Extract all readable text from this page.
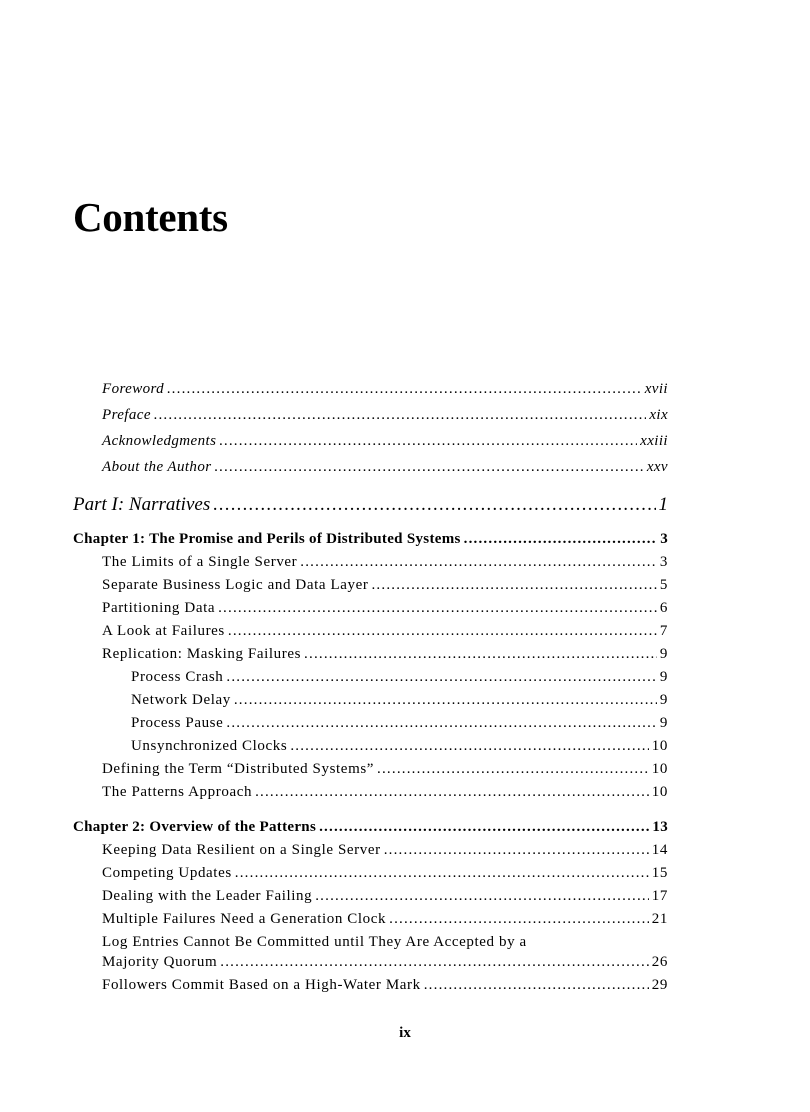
Contents
Foreword .....	xvii
Preface .....	xix
Acknowledgments .....	xxiii
About the Author .....	xxv
Part I: Narratives .....	1
Chapter 1: The Promise and Perils of Distributed Systems .....	3
The Limits of a Single Server .....	3
Separate Business Logic and Data Layer .....	5
Partitioning Data .....	6
A Look at Failures .....	7
Replication: Masking Failures .....	9
Process Crash .....	9
Network Delay .....	9
Process Pause .....	9
Unsynchronized Clocks .....	10
Defining the Term “Distributed Systems” .....	10
The Patterns Approach .....	10
Chapter 2: Overview of the Patterns .....	13
Keeping Data Resilient on a Single Server .....	14
Competing Updates .....	15
Dealing with the Leader Failing .....	17
Multiple Failures Need a Generation Clock .....	21
Log Entries Cannot Be Committed until They Are Accepted by a
Majority Quorum .....	26
Followers Commit Based on a High-Water Mark .....	29
ix
